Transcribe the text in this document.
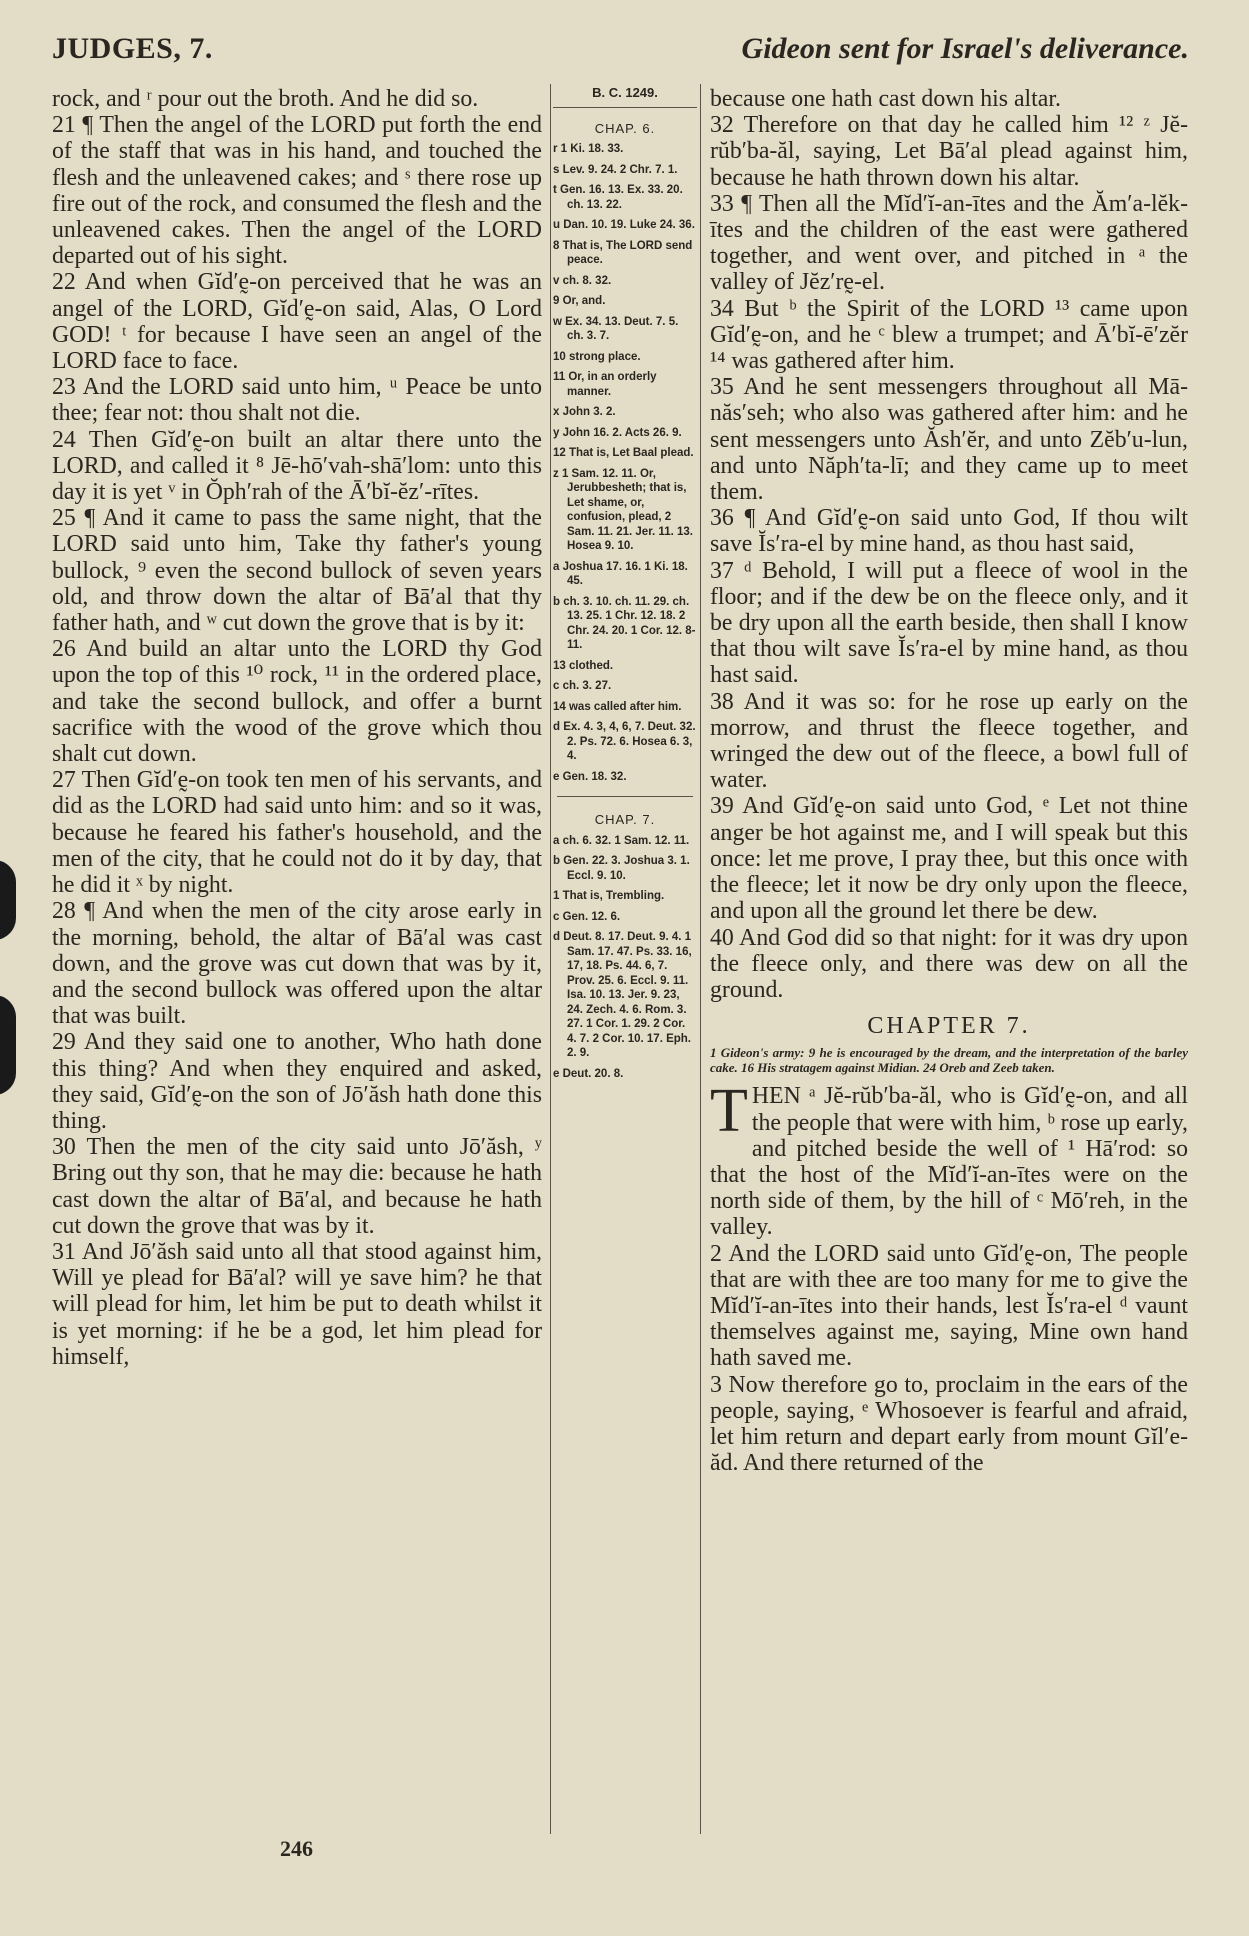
JUDGES, 7.	Gideon sent for Israel's deliverance.

rock, and ʳ pour out the broth. And he did so.

21 ¶ Then the angel of the LORD put forth the end of the staff that was in his hand, and touched the flesh and the unleavened cakes; and ˢ there rose up fire out of the rock, and consumed the flesh and the unleavened cakes. Then the angel of the LORD departed out of his sight.

22 And when Gĭd′ḛ-on perceived that he was an angel of the LORD, Gĭd′ḛ-on said, Alas, O Lord GOD! ᵗ for because I have seen an angel of the LORD face to face.

23 And the LORD said unto him, ᵘ Peace be unto thee; fear not: thou shalt not die.

24 Then Gĭd′ḛ-on built an altar there unto the LORD, and called it ⁸ Jē-hō′vah-shā′lom: unto this day it is yet ᵛ in Ŏph′rah of the Ā′bĭ-ĕz′-rītes.

25 ¶ And it came to pass the same night, that the LORD said unto him, Take thy father's young bullock, ⁹ even the second bullock of seven years old, and throw down the altar of Bā′al that thy father hath, and ʷ cut down the grove that is by it:

26 And build an altar unto the LORD thy God upon the top of this ¹⁰ rock, ¹¹ in the ordered place, and take the second bullock, and offer a burnt sacrifice with the wood of the grove which thou shalt cut down.

27 Then Gĭd′ḛ-on took ten men of his servants, and did as the LORD had said unto him: and so it was, because he feared his father's household, and the men of the city, that he could not do it by day, that he did it ˣ by night.

28 ¶ And when the men of the city arose early in the morning, behold, the altar of Bā′al was cast down, and the grove was cut down that was by it, and the second bullock was offered upon the altar that was built.

29 And they said one to another, Who hath done this thing? And when they enquired and asked, they said, Gĭd′ḛ-on the son of Jō′ăsh hath done this thing.

30 Then the men of the city said unto Jō′ăsh, ʸ Bring out thy son, that he may die: because he hath cast down the altar of Bā′al, and because he hath cut down the grove that was by it.

31 And Jō′ăsh said unto all that stood against him, Will ye plead for Bā′al? will ye save him? he that will plead for him, let him be put to death whilst it is yet morning: if he be a god, let him plead for himself,

B. C. 1249.
CHAP. 6.
r 1 Ki. 18. 33.
s Lev. 9. 24. 2 Chr. 7. 1.
t Gen. 16. 13. Ex. 33. 20. ch. 13. 22.
u Dan. 10. 19. Luke 24. 36.
8 That is, The LORD send peace.
v ch. 8. 32.
9 Or, and.
w Ex. 34. 13. Deut. 7. 5. ch. 3. 7.
10 strong place.
11 Or, in an orderly manner.
x John 3. 2.
y John 16. 2. Acts 26. 9.
12 That is, Let Baal plead.
z 1 Sam. 12. 11. Or, Jerubbesheth; that is, Let shame, or, confusion, plead, 2 Sam. 11. 21. Jer. 11. 13. Hosea 9. 10.
a Joshua 17. 16. 1 Ki. 18. 45.
b ch. 3. 10. ch. 11. 29. ch. 13. 25. 1 Chr. 12. 18. 2 Chr. 24. 20. 1 Cor. 12. 8-11.
13 clothed.
c ch. 3. 27.
14 was called after him.
d Ex. 4. 3, 4, 6, 7. Deut. 32. 2. Ps. 72. 6. Hosea 6. 3, 4.
e Gen. 18. 32.
CHAP. 7.
a ch. 6. 32. 1 Sam. 12. 11.
b Gen. 22. 3. Joshua 3. 1. Eccl. 9. 10.
1 That is, Trembling.
c Gen. 12. 6.
d Deut. 8. 17. Deut. 9. 4. 1 Sam. 17. 47. Ps. 33. 16, 17, 18. Ps. 44. 6, 7. Prov. 25. 6. Eccl. 9. 11. Isa. 10. 13. Jer. 9. 23, 24. Zech. 4. 6. Rom. 3. 27. 1 Cor. 1. 29. 2 Cor. 4. 7. 2 Cor. 10. 17. Eph. 2. 9.
e Deut. 20. 8.

because one hath cast down his altar.

32 Therefore on that day he called him ¹² ᶻ Jĕ-rŭb′ba-ăl, saying, Let Bā′al plead against him, because he hath thrown down his altar.

33 ¶ Then all the Mĭd′ĭ-an-ītes and the Ăm′a-lĕk-ītes and the children of the east were gathered together, and went over, and pitched in ᵃ the valley of Jĕz′rḛ-el.

34 But ᵇ the Spirit of the LORD ¹³ came upon Gĭd′ḛ-on, and he ᶜ blew a trumpet; and Ā′bĭ-ē′zĕr ¹⁴ was gathered after him.

35 And he sent messengers throughout all Mā-năs′seh; who also was gathered after him: and he sent messengers unto Ăsh′ĕr, and unto Zĕb′u-lun, and unto Năph′ta-lī; and they came up to meet them.

36 ¶ And Gĭd′ḛ-on said unto God, If thou wilt save Ĭs′ra-el by mine hand, as thou hast said,

37 ᵈ Behold, I will put a fleece of wool in the floor; and if the dew be on the fleece only, and it be dry upon all the earth beside, then shall I know that thou wilt save Ĭs′ra-el by mine hand, as thou hast said.

38 And it was so: for he rose up early on the morrow, and thrust the fleece together, and wringed the dew out of the fleece, a bowl full of water.

39 And Gĭd′ḛ-on said unto God, ᵉ Let not thine anger be hot against me, and I will speak but this once: let me prove, I pray thee, but this once with the fleece; let it now be dry only upon the fleece, and upon all the ground let there be dew.

40 And God did so that night: for it was dry upon the fleece only, and there was dew on all the ground.

CHAPTER 7.
1 Gideon's army: 9 he is encouraged by the dream, and the interpretation of the barley cake. 16 His stratagem against Midian. 24 Oreb and Zeeb taken.

THEN ᵃ Jĕ-rŭb′ba-ăl, who is Gĭd′ḛ-on, and all the people that were with him, ᵇ rose up early, and pitched beside the well of ¹ Hā′rod: so that the host of the Mĭd′ĭ-an-ītes were on the north side of them, by the hill of ᶜ Mō′reh, in the valley.

2 And the LORD said unto Gĭd′ḛ-on, The people that are with thee are too many for me to give the Mĭd′ĭ-an-ītes into their hands, lest Ĭs′ra-el ᵈ vaunt themselves against me, saying, Mine own hand hath saved me.

3 Now therefore go to, proclaim in the ears of the people, saying, ᵉ Whosoever is fearful and afraid, let him return and depart early from mount Gĭl′e-ăd. And there returned of the

246
